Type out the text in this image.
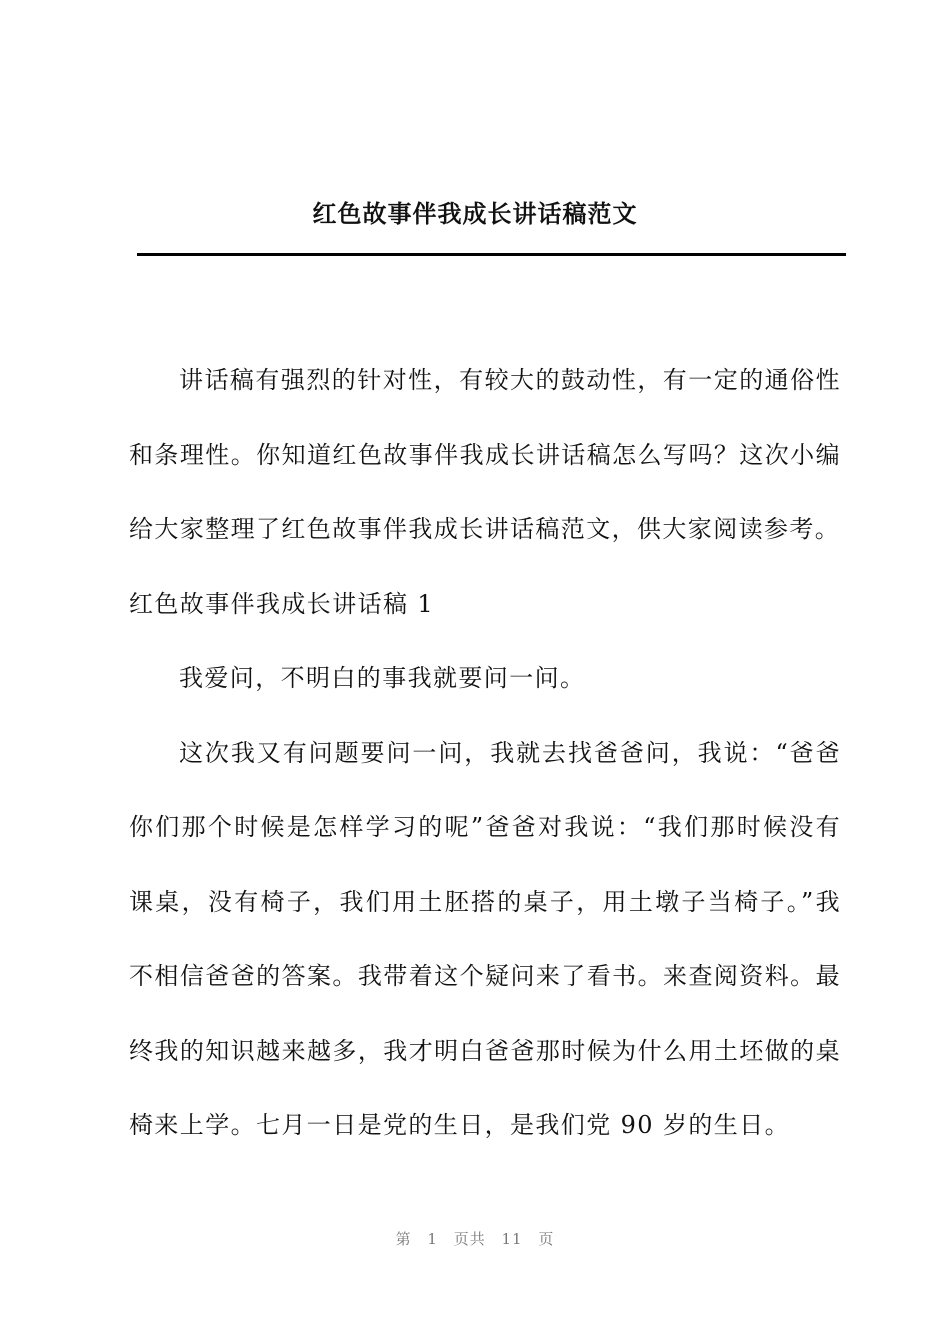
红色故事伴我成长讲话稿范文

讲话稿有强烈的针对性，有较大的鼓动性，有一定的通俗性和条理性。你知道红色故事伴我成长讲话稿怎么写吗？这次小编给大家整理了红色故事伴我成长讲话稿范文，供大家阅读参考。

红色故事伴我成长讲话稿 1

我爱问，不明白的事我就要问一问。

这次我又有问题要问一问，我就去找爸爸问，我说：“爸爸你们那个时候是怎样学习的呢”爸爸对我说：“我们那时候没有课桌，没有椅子，我们用土胚搭的桌子，用土墩子当椅子。”我不相信爸爸的答案。我带着这个疑问来了看书。来查阅资料。最终我的知识越来越多，我才明白爸爸那时候为什么用土坯做的桌椅来上学。七月一日是党的生日，是我们党 90 岁的生日。

第 1 页共 11 页
